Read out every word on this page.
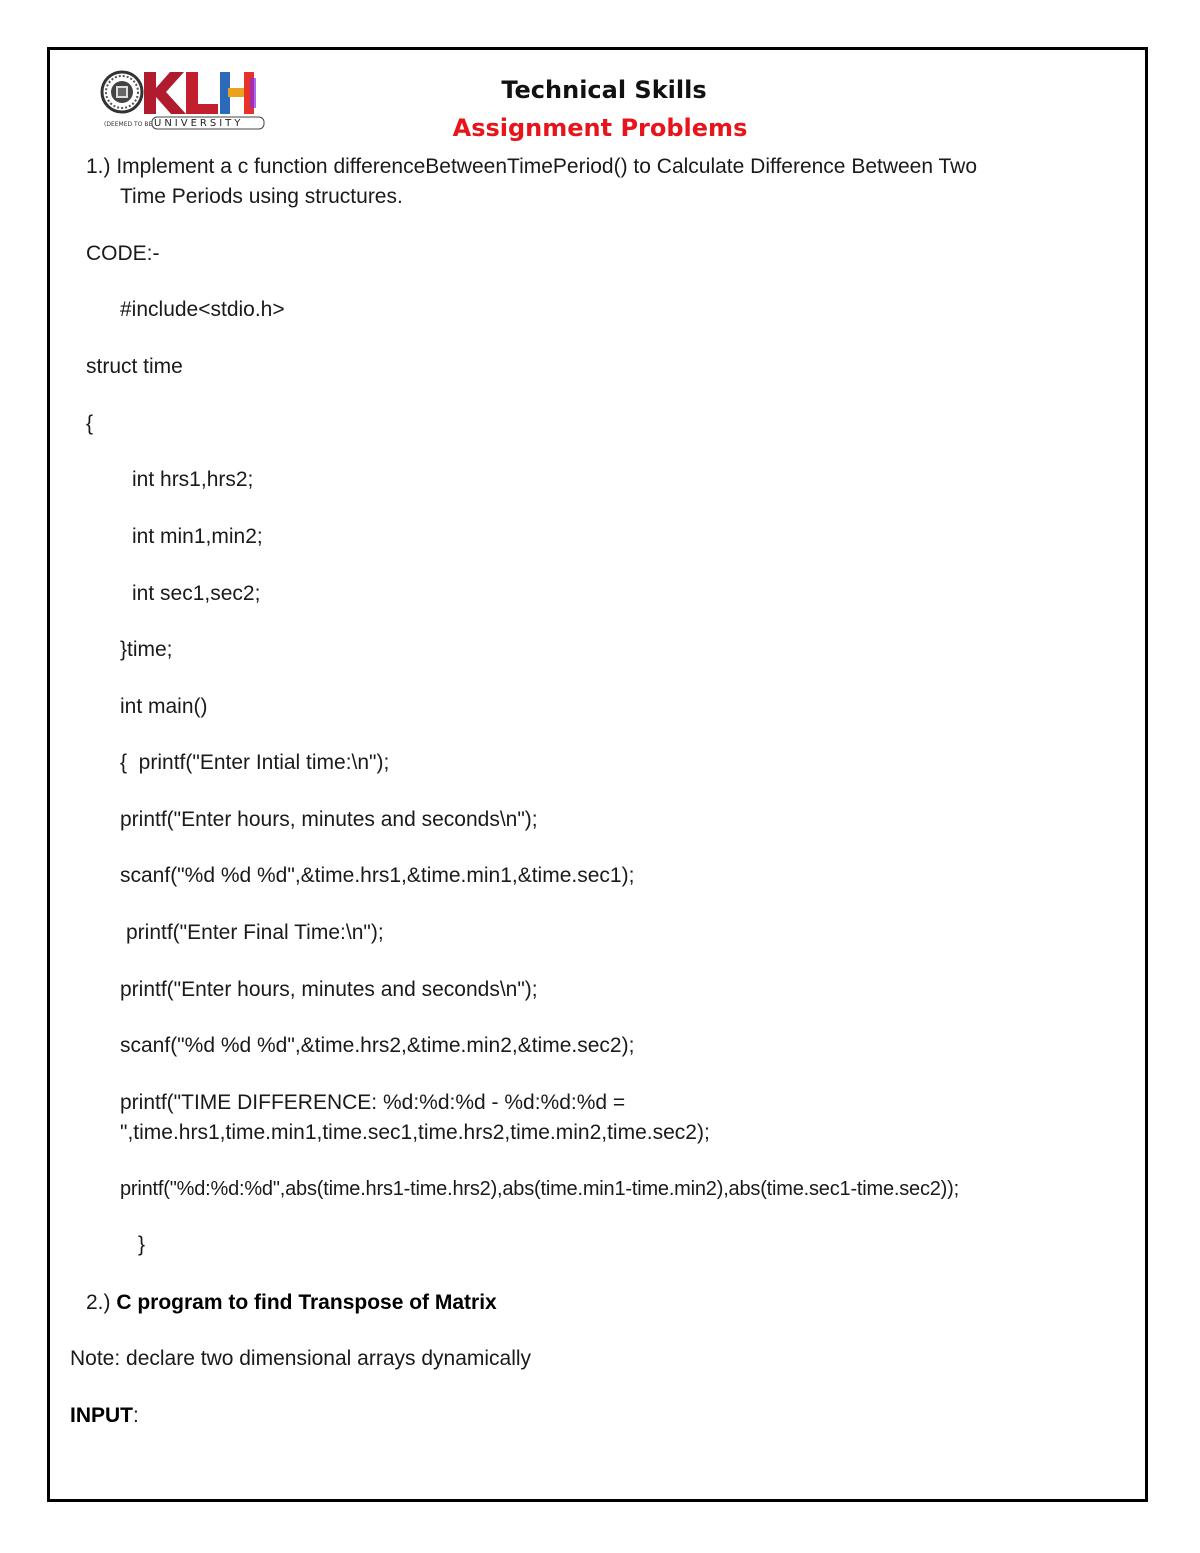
(DEEMED TO BE UNIVERSITY
Technical Skills
Assignment Problems
1.) Implement a c function differenceBetweenTimePeriod() to Calculate Difference Between Two
Time Periods using structures.
CODE:-
#include<stdio.h>
struct time
{
int hrs1,hrs2;
int min1,min2;
int sec1,sec2;
}time;
int main()
{  printf("Enter Intial time:\n");
printf("Enter hours, minutes and seconds\n");
scanf("%d %d %d",&time.hrs1,&time.min1,&time.sec1);
printf("Enter Final Time:\n");
printf("Enter hours, minutes and seconds\n");
scanf("%d %d %d",&time.hrs2,&time.min2,&time.sec2);
printf("TIME DIFFERENCE: %d:%d:%d - %d:%d:%d =
",time.hrs1,time.min1,time.sec1,time.hrs2,time.min2,time.sec2);
printf("%d:%d:%d",abs(time.hrs1-time.hrs2),abs(time.min1-time.min2),abs(time.sec1-time.sec2));
}
2.) C program to find Transpose of Matrix
Note: declare two dimensional arrays dynamically
INPUT:
